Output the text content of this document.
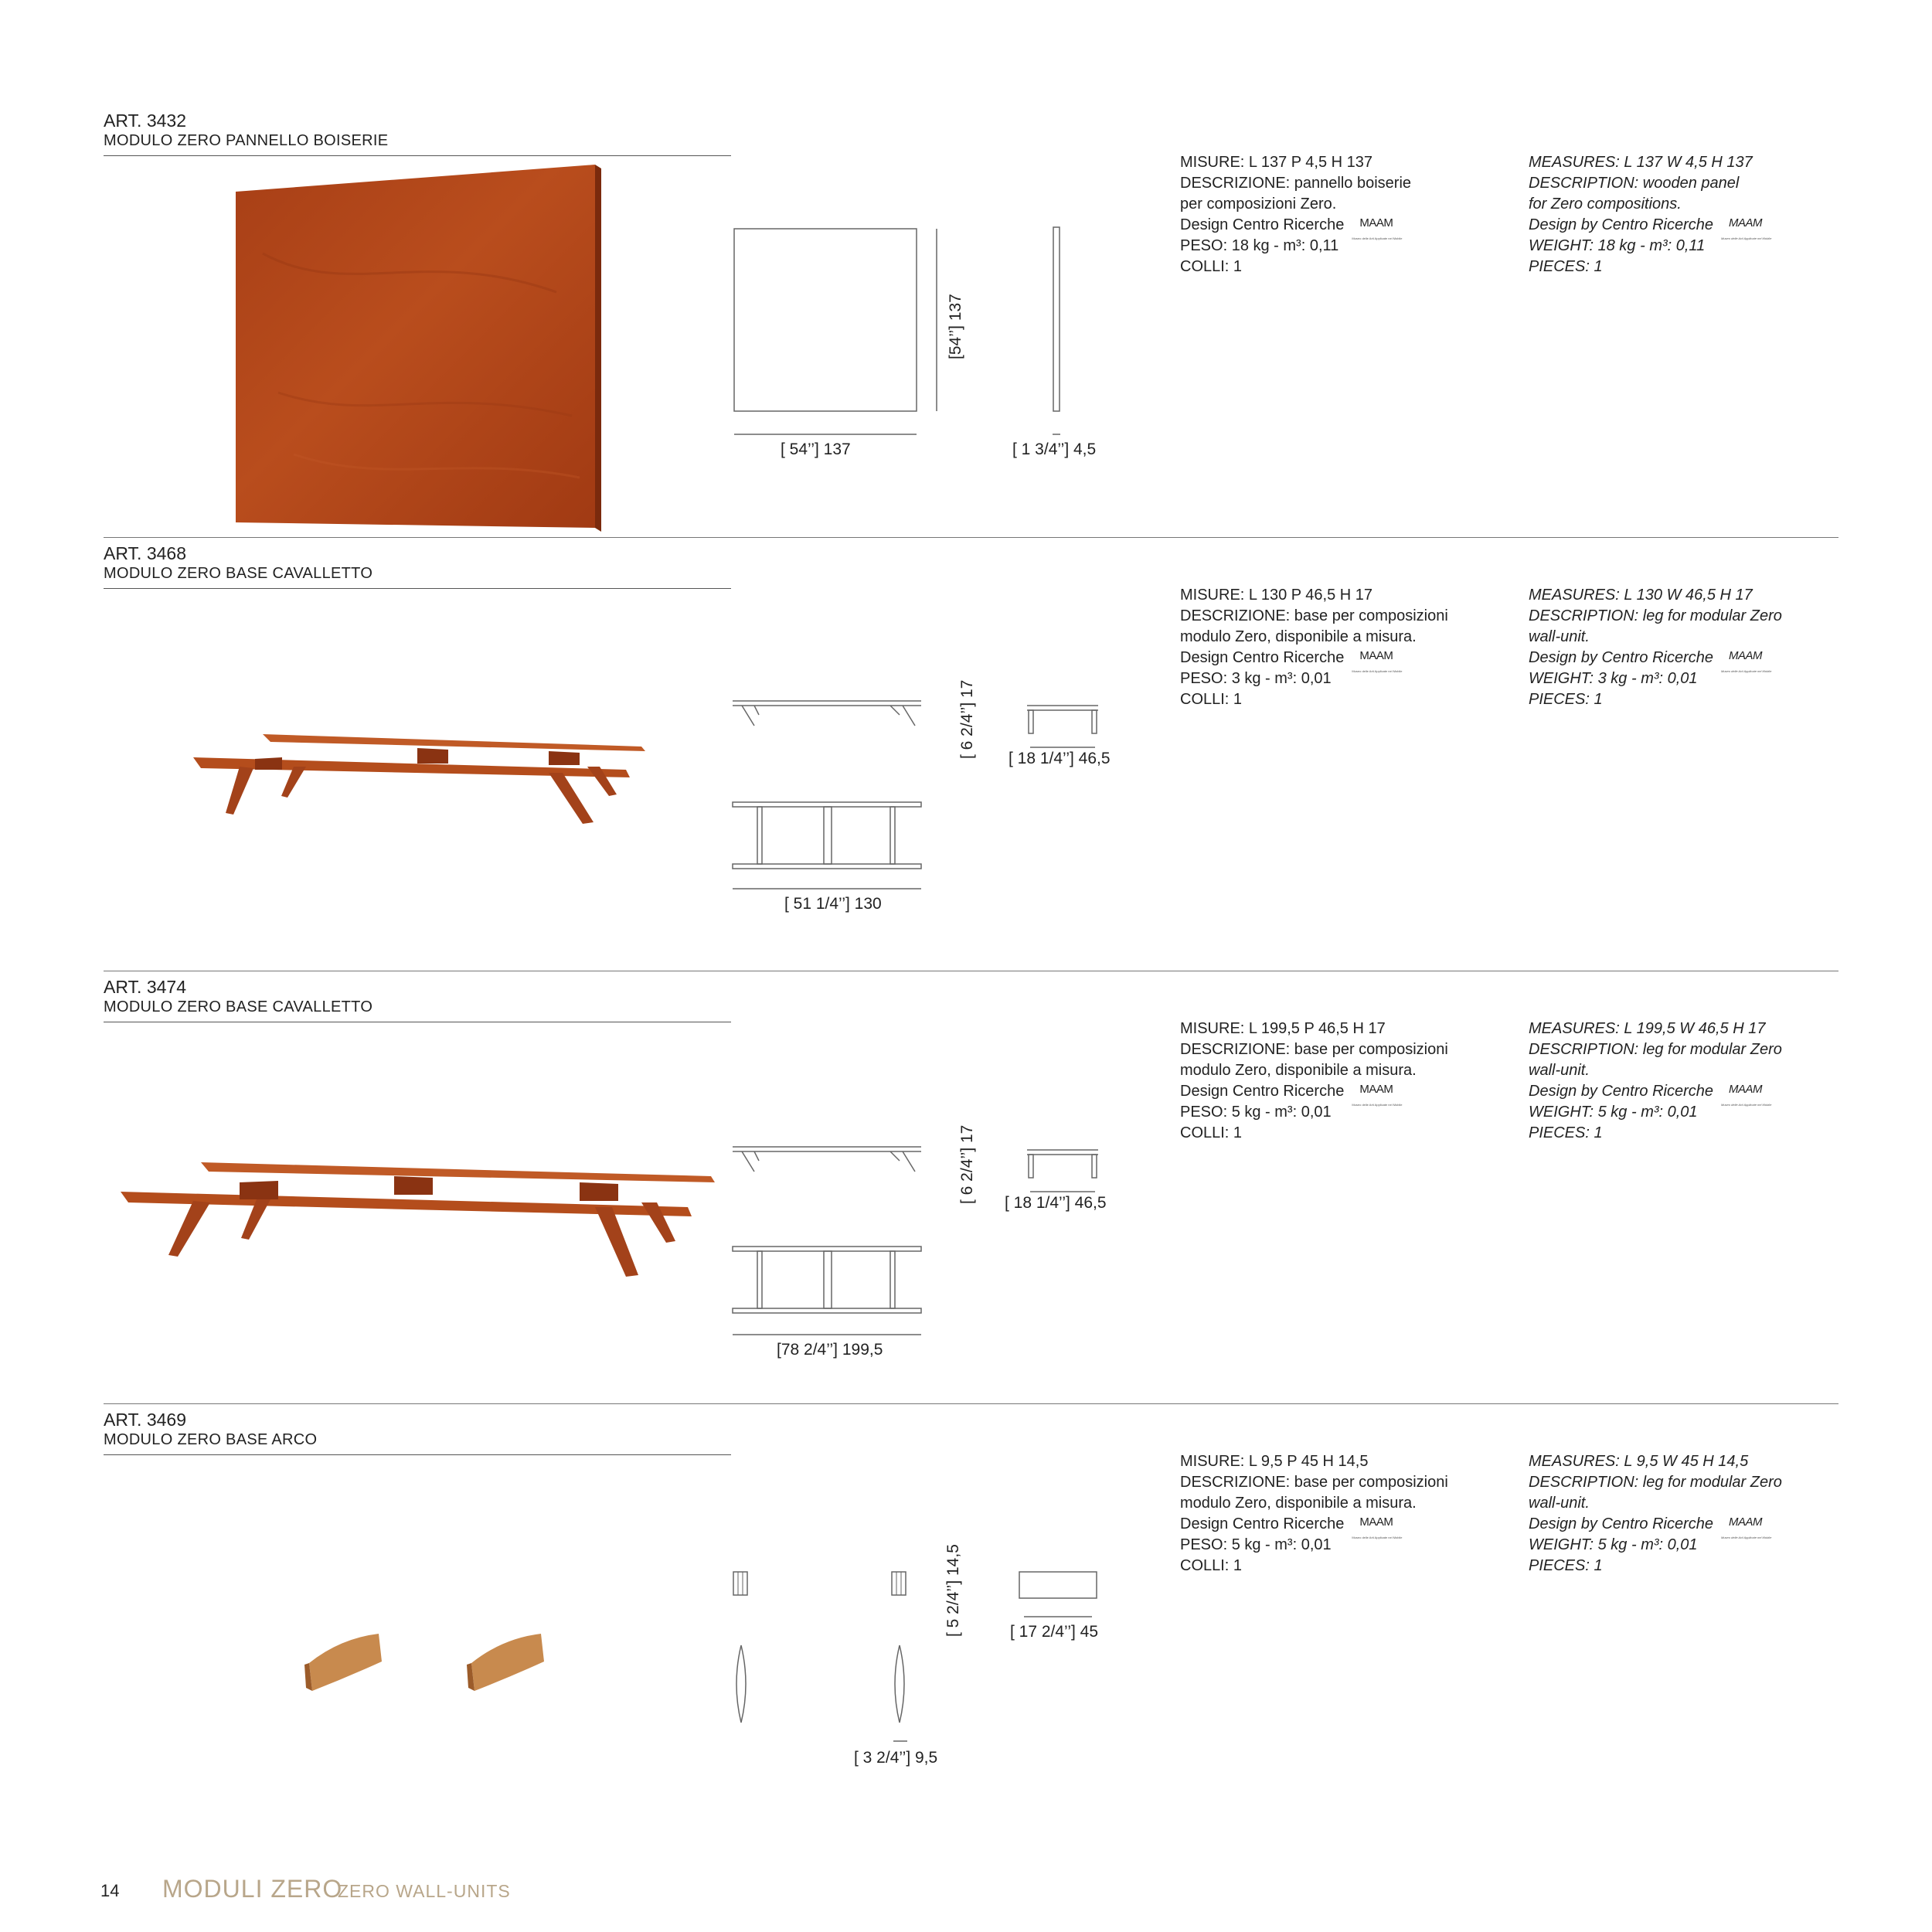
ART. 3432
MODULO ZERO PANNELLO BOISERIE
[ 54’’] 137
[54’’] 137
[ 1 3/4’’] 4,5
MISURE: L 137 P 4,5 H 137
DESCRIZIONE: pannello boiserie
per composizioni Zero.
Design Centro Ricerche MAAM
Museo delle Arti Applicate nel Mobile
PESO: 18 kg - m³: 0,11
COLLI: 1
MEASURES: L 137 W 4,5 H 137
DESCRIPTION: wooden panel
for Zero compositions.
Design by Centro Ricerche MAAM
Museo delle Arti Applicate nel Mobile
WEIGHT: 18 kg - m³: 0,11
PIECES: 1
ART. 3468
MODULO ZERO BASE CAVALLETTO
[ 51 1/4’’] 130
[ 6 2/4’’] 17 [ 18 1/4’’] 46,5
MISURE: L 130 P 46,5 H 17
DESCRIZIONE: base per composizioni
modulo Zero, disponibile a misura.
Design Centro Ricerche MAAM
Museo delle Arti Applicate nel Mobile
PESO: 3 kg - m³: 0,01
COLLI: 1
MEASURES: L 130 W 46,5 H 17
DESCRIPTION: leg for modular Zero
wall-unit.
Design by Centro Ricerche MAAM
Museo delle Arti Applicate nel Mobile
WEIGHT: 3 kg - m³: 0,01
PIECES: 1
ART. 3474
MODULO ZERO BASE CAVALLETTO
[78 2/4’’] 199,5
[ 6 2/4’’] 17 [ 18 1/4’’] 46,5
MISURE: L 199,5 P 46,5 H 17
DESCRIZIONE: base per composizioni
modulo Zero, disponibile a misura.
Design Centro Ricerche MAAM
Museo delle Arti Applicate nel Mobile
PESO: 5 kg - m³: 0,01
COLLI: 1
MEASURES: L 199,5 W 46,5 H 17
DESCRIPTION: leg for modular Zero
wall-unit.
Design by Centro Ricerche MAAM
Museo delle Arti Applicate nel Mobile
WEIGHT: 5 kg - m³: 0,01
PIECES: 1
ART. 3469
MODULO ZERO BASE ARCO
[ 3 2/4’’] 9,5
[ 5 2/4’’] 14,5	[ 17 2/4’’] 45
MISURE: L 9,5 P 45 H 14,5
DESCRIZIONE: base per composizioni
modulo Zero, disponibile a misura.
Design Centro Ricerche MAAM
Museo delle Arti Applicate nel Mobile
PESO: 5 kg - m³: 0,01
COLLI: 1
MEASURES: L 9,5 W 45 H 14,5
DESCRIPTION: leg for modular Zero
wall-unit.
Design by Centro Ricerche MAAM
Museo delle Arti Applicate nel Mobile
WEIGHT: 5 kg - m³: 0,01
PIECES: 1
14 MODULI ZERO
ZERO WALL-UNITS
